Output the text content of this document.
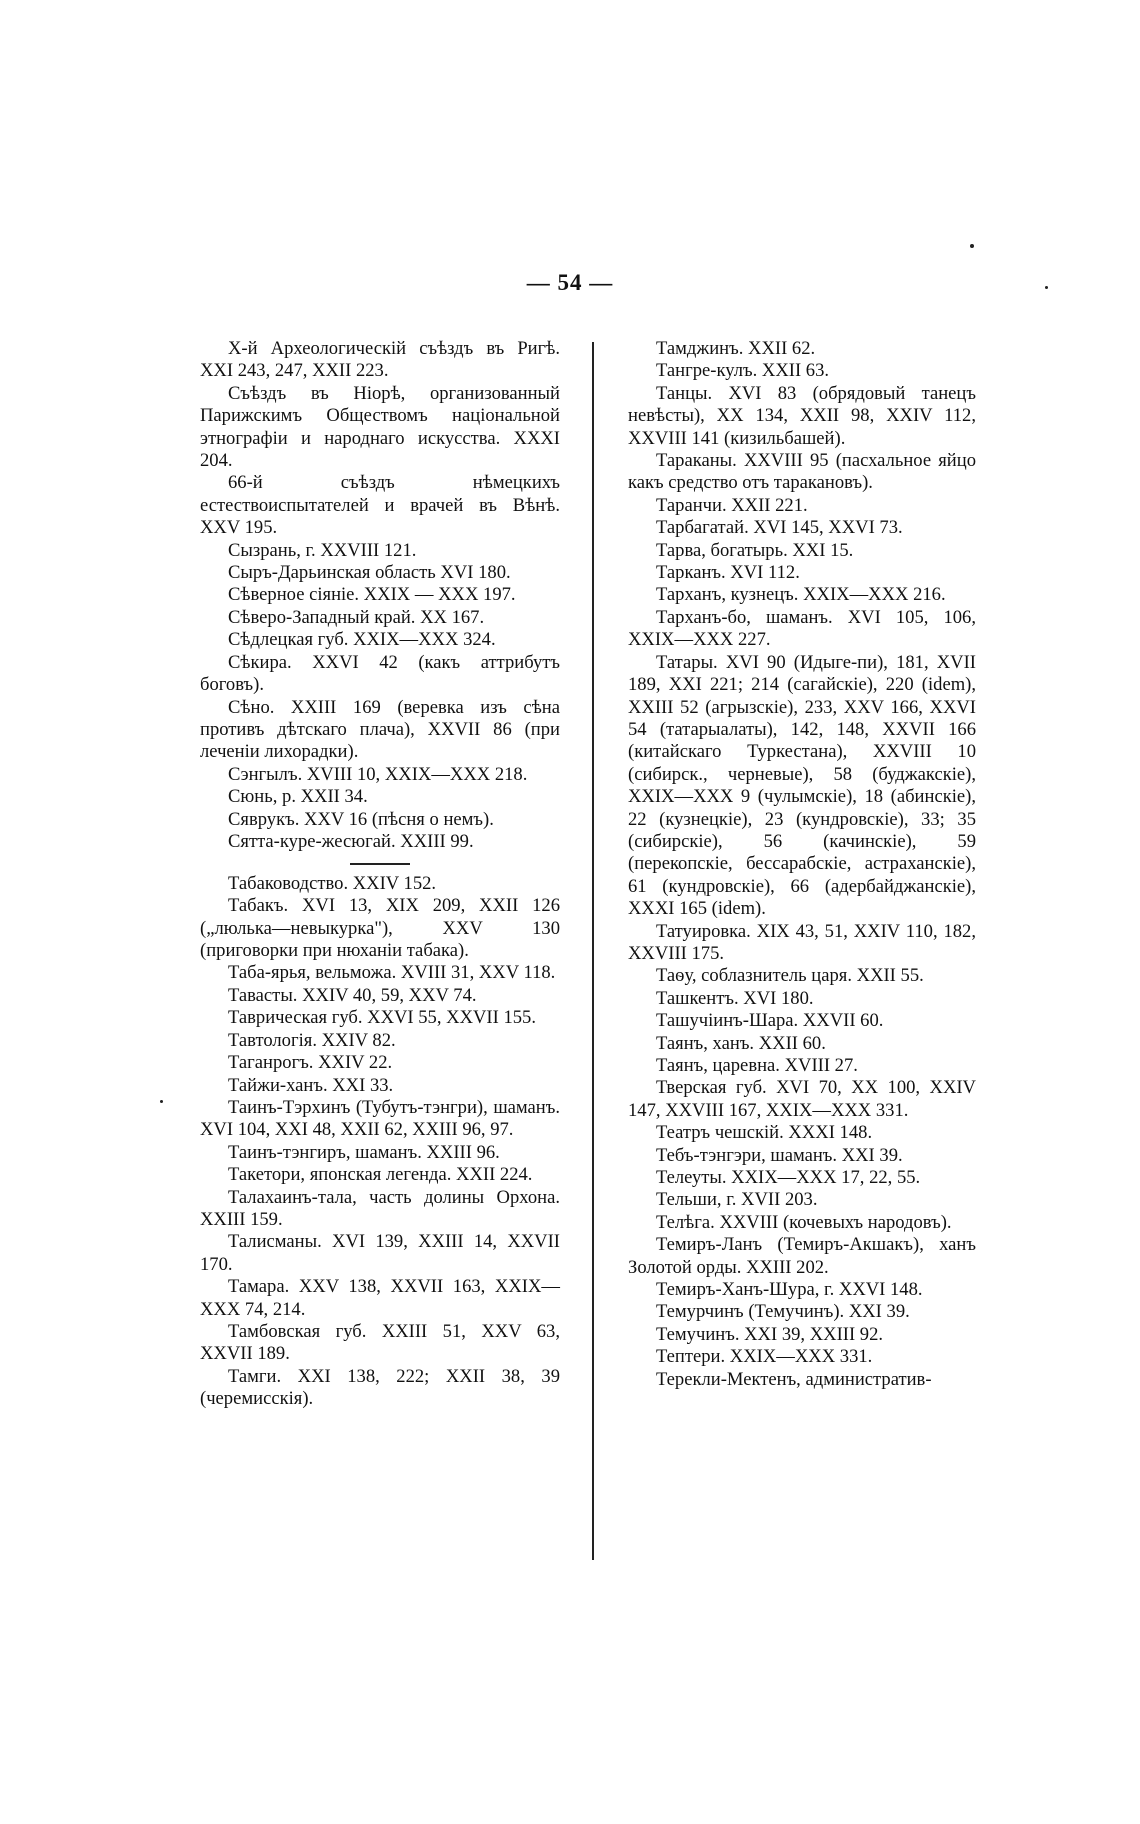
— 54 —

X-й Археологическій съѣздъ въ Ригѣ. XXI 243, 247, XXII 223.

Съѣздъ въ Ніорѣ, организованный Парижскимъ Обществомъ національной этнографіи и народнаго искусства. XXXI 204.

66-й съѣздъ нѣмецкихъ естествоиспытателей и врачей въ Вѣнѣ. XXV 195.

Сызрань, г. XXVIII 121.

Сыръ-Дарьинская область XVI 180.

Сѣверное сіяніе. XXIX — XXX 197.

Сѣверо-Западный край. XX 167.

Сѣдлецкая губ. XXIX—XXX 324.

Сѣкира. XXVI 42 (какъ аттрибутъ боговъ).

Сѣно. XXIII 169 (веревка изъ сѣна противъ дѣтскаго плача), XXVII 86 (при леченіи лихорадки).

Сэнгылъ. XVIII 10, XXIX—XXX 218.

Сюнь, р. XXII 34.

Сяврукъ. XXV 16 (пѣсня о немъ).

Сятта-куре-жесюгай. XXIII 99.

Табаководство. XXIV 152.

Табакъ. XVI 13, XIX 209, XXII 126 („люлька—невыкурка"), XXV 130 (приговорки при нюханіи табака).

Таба-ярья, вельможа. XVIII 31, XXV 118.

Тавасты. XXIV 40, 59, XXV 74.

Таврическая губ. XXVI 55, XXVII 155.

Тавтологія. XXIV 82.

Таганрогъ. XXIV 22.

Тайжи-ханъ. XXI 33.

Таинъ-Тэрхинъ (Тубутъ-тэнгри), шаманъ. XVI 104, XXI 48, XXII 62, XXIII 96, 97.

Таинъ-тэнгиръ, шаманъ. XXIII 96.

Такетори, японская легенда. XXII 224.

Талахаинъ-тала, часть долины Орхона. XXIII 159.

Талисманы. XVI 139, XXIII 14, XXVII 170.

Тамара. XXV 138, XXVII 163, XXIX—XXX 74, 214.

Тамбовская губ. XXIII 51, XXV 63, XXVII 189.

Тамги. XXI 138, 222; XXII 38, 39 (черемисскія).

Тамджинъ. XXII 62.

Тангре-кулъ. XXII 63.

Танцы. XVI 83 (обрядовый танецъ невѣсты), XX 134, XXII 98, XXIV 112, XXVIII 141 (кизильбашей).

Тараканы. XXVIII 95 (пасхальное яйцо какъ средство отъ таракановъ).

Таранчи. XXII 221.

Тарбагатай. XVI 145, XXVI 73.

Тарва, богатырь. XXI 15.

Тарканъ. XVI 112.

Тарханъ, кузнецъ. XXIX—XXX 216.

Тарханъ-бо, шаманъ. XVI 105, 106, XXIX—XXX 227.

Татары. XVI 90 (Идыге-пи), 181, XVII 189, XXI 221; 214 (сагайскіе), 220 (idem), XXIII 52 (агрызскіе), 233, XXV 166, XXVI 54 (татарыалаты), 142, 148, XXVII 166 (китайскаго Туркестана), XXVIII 10 (сибирск., черневые), 58 (буджакскіе), XXIX—XXX 9 (чулымскіе), 18 (абинскіе), 22 (кузнецкіе), 23 (кундровскіе), 33; 35 (сибирскіе), 56 (качинскіе), 59 (перекопскіе, бессарабскіе, астраханскіе), 61 (кундровскіе), 66 (адербайджанскіе), XXXI 165 (idem).

Татуировка. XIX 43, 51, XXIV 110, 182, XXVIII 175.

Таѳу, соблазнитель царя. XXII 55.

Ташкентъ. XVI 180.

Ташучіинъ-Шара. XXVII 60.

Таянъ, ханъ. XXII 60.

Таянъ, царевна. XVIII 27.

Тверская губ. XVI 70, XX 100, XXIV 147, XXVIII 167, XXIX—XXX 331.

Театръ чешскій. XXXI 148.

Тебъ-тэнгэри, шаманъ. XXI 39.

Телеуты. XXIX—XXX 17, 22, 55.

Тельши, г. XVII 203.

Телѣга. XXVIII (кочевыхъ народовъ).

Темиръ-Ланъ (Темиръ-Акшакъ), ханъ Золотой орды. XXIII 202.

Темиръ-Ханъ-Шура, г. XXVI 148.

Темурчинъ (Темучинъ). XXI 39.

Темучинъ. XXI 39, XXIII 92.

Тептери. XXIX—XXX 331.

Терекли-Мектенъ, административ-
